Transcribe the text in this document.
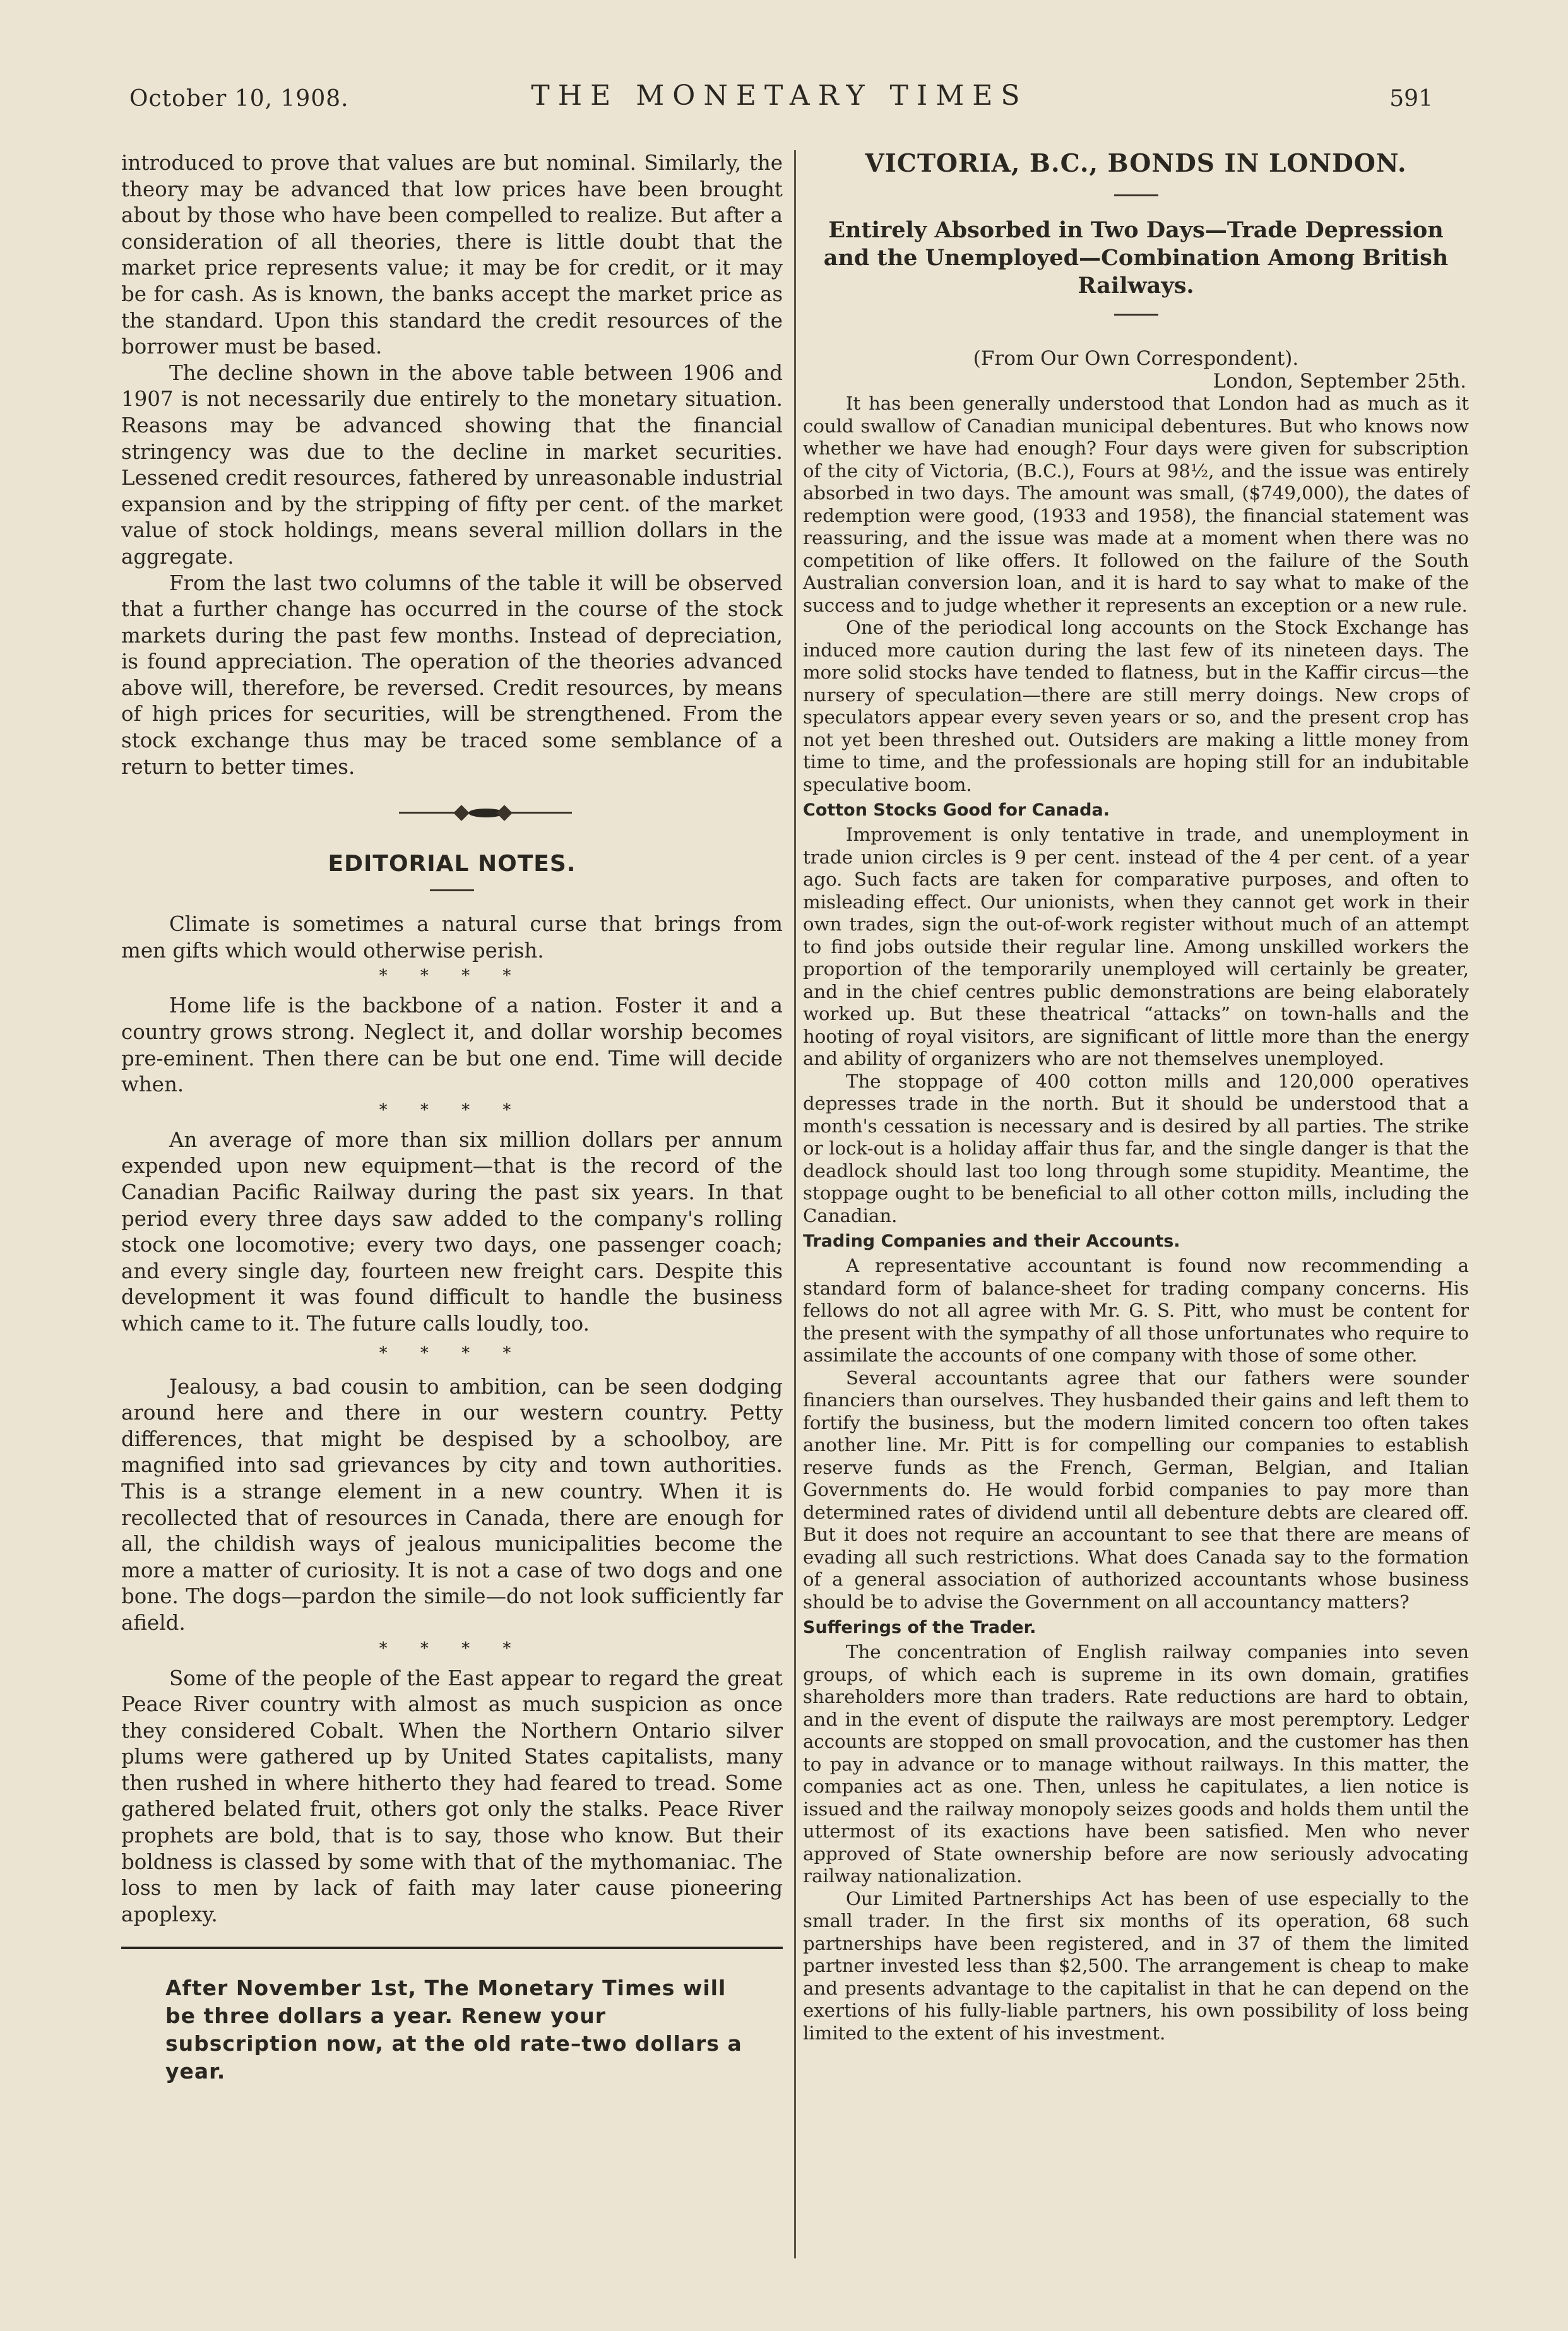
October 10, 1908.	THE MONETARY TIMES	591

introduced to prove that values are but nominal. Similarly, the theory may be advanced that low prices have been brought about by those who have been compelled to realize. But after a consideration of all theories, there is little doubt that the market price represents value; it may be for credit, or it may be for cash. As is known, the banks accept the market price as the standard. Upon this standard the credit resources of the borrower must be based.

The decline shown in the above table between 1906 and 1907 is not necessarily due entirely to the monetary situation. Reasons may be advanced showing that the financial stringency was due to the decline in market securities. Lessened credit resources, fathered by unreasonable industrial expansion and by the stripping of fifty per cent. of the market value of stock holdings, means several million dollars in the aggregate.

From the last two columns of the table it will be observed that a further change has occurred in the course of the stock markets during the past few months. Instead of depreciation, is found appreciation. The operation of the theories advanced above will, therefore, be reversed. Credit resources, by means of high prices for securities, will be strengthened. From the stock exchange thus may be traced some semblance of a return to better times.

EDITORIAL NOTES.

Climate is sometimes a natural curse that brings from men gifts which would otherwise perish.

* * * *

Home life is the backbone of a nation. Foster it and a country grows strong. Neglect it, and dollar worship becomes pre-eminent. Then there can be but one end. Time will decide when.

* * * *

An average of more than six million dollars per annum expended upon new equipment—that is the record of the Canadian Pacific Railway during the past six years. In that period every three days saw added to the company's rolling stock one locomotive; every two days, one passenger coach; and every single day, fourteen new freight cars. Despite this development it was found difficult to handle the business which came to it. The future calls loudly, too.

* * * *

Jealousy, a bad cousin to ambition, can be seen dodging around here and there in our western country. Petty differences, that might be despised by a schoolboy, are magnified into sad grievances by city and town authorities. This is a strange element in a new country. When it is recollected that of resources in Canada, there are enough for all, the childish ways of jealous municipalities become the more a matter of curiosity. It is not a case of two dogs and one bone. The dogs—pardon the simile—do not look sufficiently far afield.

* * * *

Some of the people of the East appear to regard the great Peace River country with almost as much suspicion as once they considered Cobalt. When the Northern Ontario silver plums were gathered up by United States capitalists, many then rushed in where hitherto they had feared to tread. Some gathered belated fruit, others got only the stalks. Peace River prophets are bold, that is to say, those who know. But their boldness is classed by some with that of the mythomaniac. The loss to men by lack of faith may later cause pioneering apoplexy.

After November 1st, The Monetary Times will be three dollars a year. Renew your subscription now, at the old rate–two dollars a year.
VICTORIA, B.C., BONDS IN LONDON.
Entirely Absorbed in Two Days—Trade Depression and the Unemployed—Combination Among British Railways.
(From Our Own Correspondent).
London, September 25th.

It has been generally understood that London had as much as it could swallow of Canadian municipal debentures. But who knows now whether we have had enough? Four days were given for subscription of the city of Victoria, (B.C.), Fours at 98½, and the issue was entirely absorbed in two days. The amount was small, ($749,000), the dates of redemption were good, (1933 and 1958), the financial statement was reassuring, and the issue was made at a moment when there was no competition of like offers. It followed on the failure of the South Australian conversion loan, and it is hard to say what to make of the success and to judge whether it represents an exception or a new rule.

One of the periodical long accounts on the Stock Exchange has induced more caution during the last few of its nineteen days. The more solid stocks have tended to flatness, but in the Kaffir circus—the nursery of speculation—there are still merry doings. New crops of speculators appear every seven years or so, and the present crop has not yet been threshed out. Outsiders are making a little money from time to time, and the professionals are hoping still for an indubitable speculative boom.

Cotton Stocks Good for Canada.

Improvement is only tentative in trade, and unemployment in trade union circles is 9 per cent. instead of the 4 per cent. of a year ago. Such facts are taken for comparative purposes, and often to misleading effect. Our unionists, when they cannot get work in their own trades, sign the out-of-work register without much of an attempt to find jobs outside their regular line. Among unskilled workers the proportion of the temporarily unemployed will certainly be greater, and in the chief centres public demonstrations are being elaborately worked up. But these theatrical “attacks” on town-halls and the hooting of royal visitors, are significant of little more than the energy and ability of organizers who are not themselves unemployed.

The stoppage of 400 cotton mills and 120,000 operatives depresses trade in the north. But it should be understood that a month's cessation is necessary and is desired by all parties. The strike or lock-out is a holiday affair thus far, and the single danger is that the deadlock should last too long through some stupidity. Meantime, the stoppage ought to be beneficial to all other cotton mills, including the Canadian.

Trading Companies and their Accounts.

A representative accountant is found now recommending a standard form of balance-sheet for trading company concerns. His fellows do not all agree with Mr. G. S. Pitt, who must be content for the present with the sympathy of all those unfortunates who require to assimilate the accounts of one company with those of some other.

Several accountants agree that our fathers were sounder financiers than ourselves. They husbanded their gains and left them to fortify the business, but the modern limited concern too often takes another line. Mr. Pitt is for compelling our companies to establish reserve funds as the French, German, Belgian, and Italian Governments do. He would forbid companies to pay more than determined rates of dividend until all debenture debts are cleared off. But it does not require an accountant to see that there are means of evading all such restrictions. What does Canada say to the formation of a general association of authorized accountants whose business should be to advise the Government on all accountancy matters?

Sufferings of the Trader.

The concentration of English railway companies into seven groups, of which each is supreme in its own domain, gratifies shareholders more than traders. Rate reductions are hard to obtain, and in the event of dispute the railways are most peremptory. Ledger accounts are stopped on small provocation, and the customer has then to pay in advance or to manage without railways. In this matter, the companies act as one. Then, unless he capitulates, a lien notice is issued and the railway monopoly seizes goods and holds them until the uttermost of its exactions have been satisfied. Men who never approved of State ownership before are now seriously advocating railway nationalization.

Our Limited Partnerships Act has been of use especially to the small trader. In the first six months of its operation, 68 such partnerships have been registered, and in 37 of them the limited partner invested less than $2,500. The arrangement is cheap to make and presents advantage to the capitalist in that he can depend on the exertions of his fully-liable partners, his own possibility of loss being limited to the extent of his investment.
